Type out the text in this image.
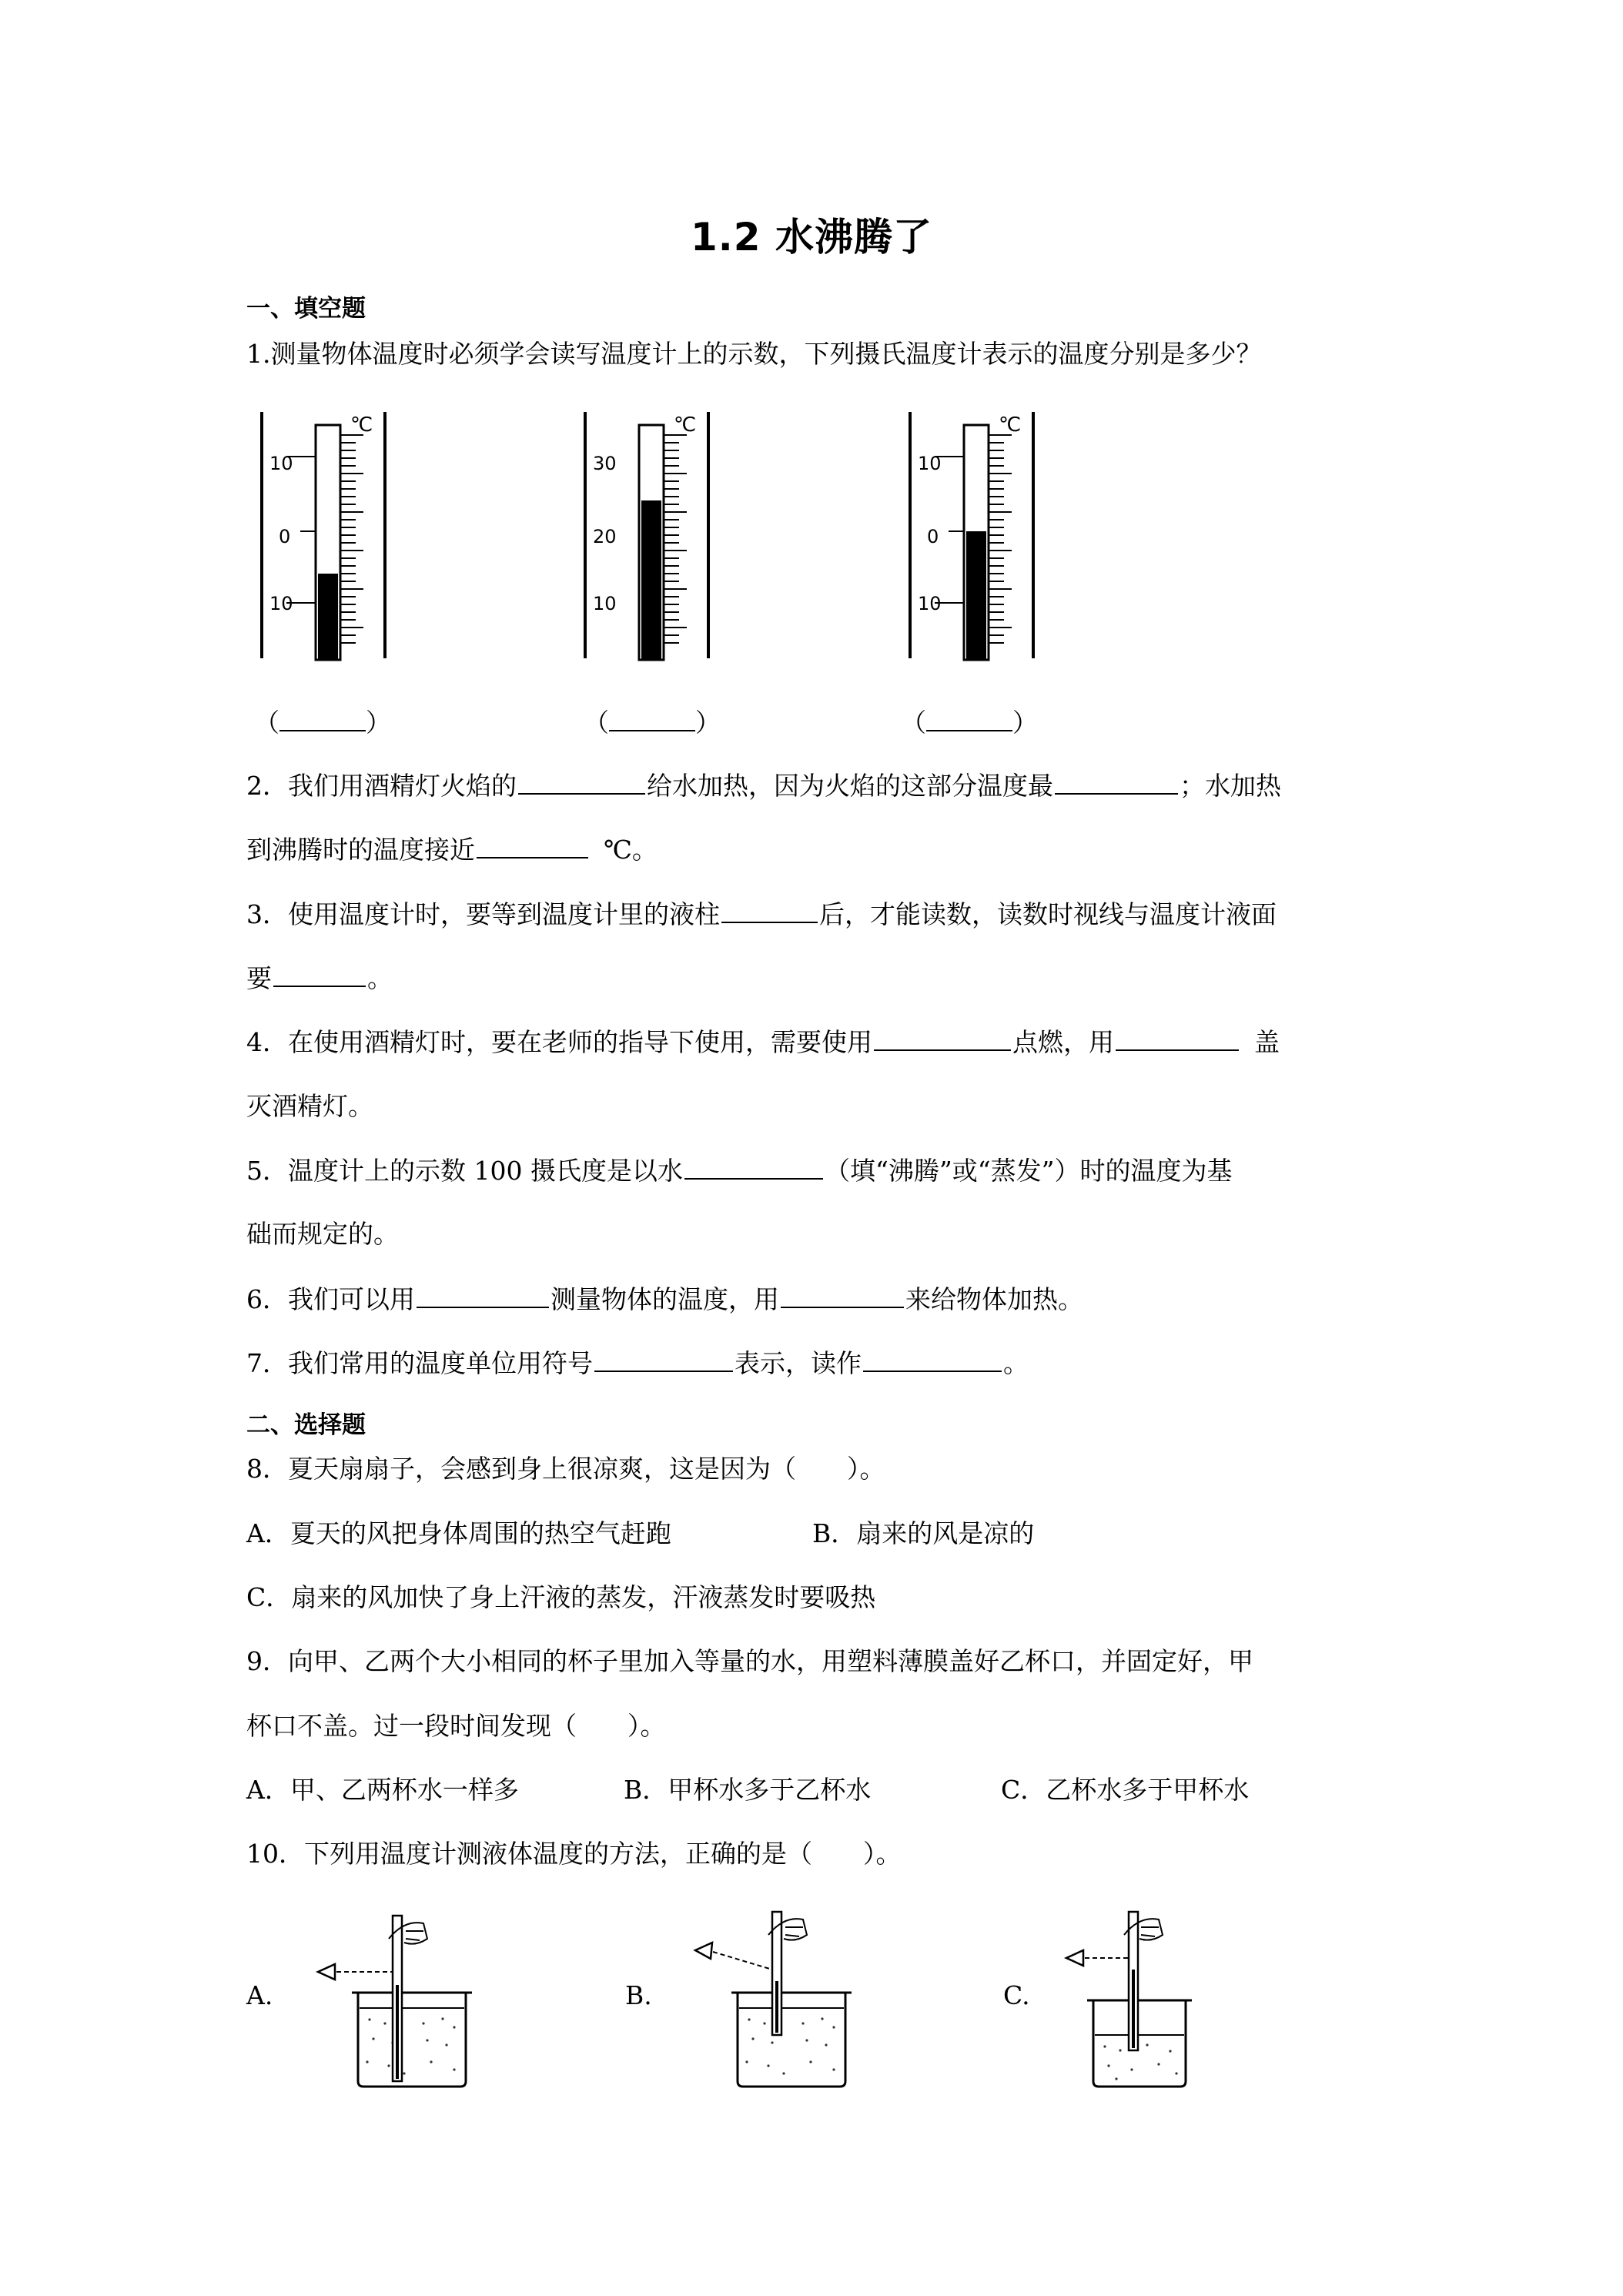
1.2 水沸腾了
一、填空题
1.测量物体温度时必须学会读写温度计上的示数，下列摄氏温度计表示的温度分别是多少？
℃
10
0
10
℃
30
20
10
℃
10
0
10
（	）	（	）	（	）
2．我们用酒精灯火焰的	给水加热，因为火焰的这部分温度最	；水加热
到沸腾时的温度接近	℃。
3．使用温度计时，要等到温度计里的液柱	后，才能读数，读数时视线与温度计液面
要	。
4．在使用酒精灯时，要在老师的指导下使用，需要使用	点燃，用	盖
灭酒精灯。
5．温度计上的示数 100 摄氏度是以水	（填“沸腾”或“蒸发”）时的温度为基
础而规定的。
6．我们可以用	测量物体的温度，用	来给物体加热。
7．我们常用的温度单位用符号	表示，读作	。
二、选择题
8．夏天扇扇子，会感到身上很凉爽，这是因为（　　）。
A．夏天的风把身体周围的热空气赶跑	B．扇来的风是凉的
C．扇来的风加快了身上汗液的蒸发，汗液蒸发时要吸热
9．向甲、乙两个大小相同的杯子里加入等量的水，用塑料薄膜盖好乙杯口，并固定好，甲
杯口不盖。过一段时间发现（　　）。
A．甲、乙两杯水一样多	B．甲杯水多于乙杯水	C．乙杯水多于甲杯水
10．下列用温度计测液体温度的方法，正确的是（　　）。
A.	B.	C.
